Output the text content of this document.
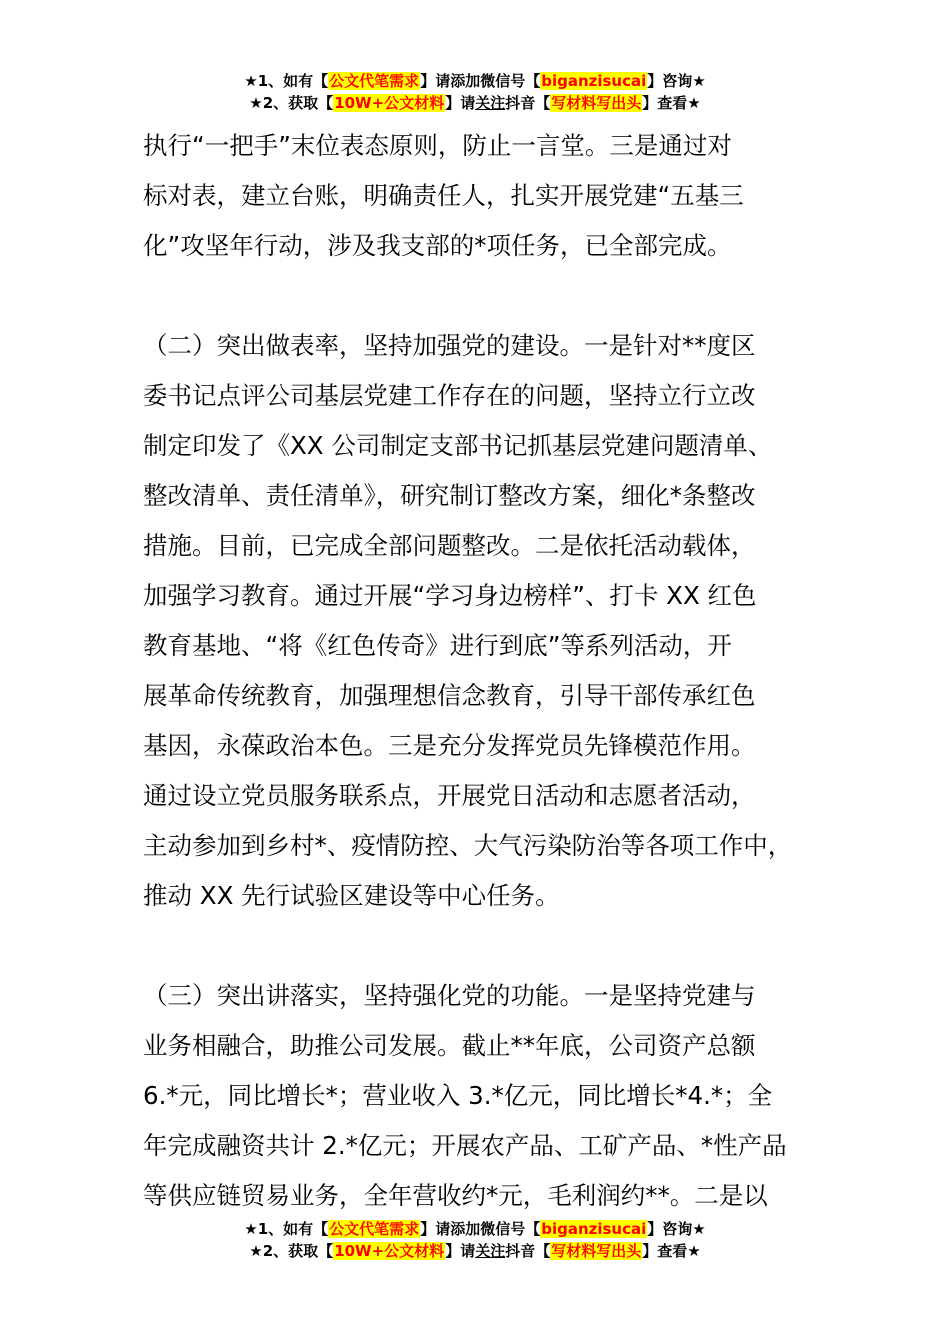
★1、如有【公文代笔需求】请添加微信号【biganzisucai】咨询★
★2、获取【10W+公文材料】请关注抖音【写材料写出头】查看★

执行“一把手”末位表态原则，防止一言堂。三是通过对

标对表，建立台账，明确责任人，扎实开展党建“五基三

化”攻坚年行动，涉及我支部的*项任务，已全部完成。

（二）突出做表率，坚持加强党的建设。一是针对**度区

委书记点评公司基层党建工作存在的问题，坚持立行立改

制定印发了《XX 公司制定支部书记抓基层党建问题清单、

整改清单、责任清单》，研究制订整改方案，细化*条整改

措施。目前，已完成全部问题整改。二是依托活动载体，

加强学习教育。通过开展“学习身边榜样”、打卡 XX 红色

教育基地、“将《红色传奇》进行到底”等系列活动，开

展革命传统教育，加强理想信念教育，引导干部传承红色

基因，永葆政治本色。三是充分发挥党员先锋模范作用。

通过设立党员服务联系点，开展党日活动和志愿者活动，

主动参加到乡村*、疫情防控、大气污染防治等各项工作中，

推动 XX 先行试验区建设等中心任务。

（三）突出讲落实，坚持强化党的功能。一是坚持党建与

业务相融合，助推公司发展。截止**年底，公司资产总额

6.*元，同比增长*；营业收入 3.*亿元，同比增长*4.*；全

年完成融资共计 2.*亿元；开展农产品、工矿产品、*性产品

等供应链贸易业务，全年营收约*元，毛利润约**。二是以

★1、如有【公文代笔需求】请添加微信号【biganzisucai】咨询★
★2、获取【10W+公文材料】请关注抖音【写材料写出头】查看★
